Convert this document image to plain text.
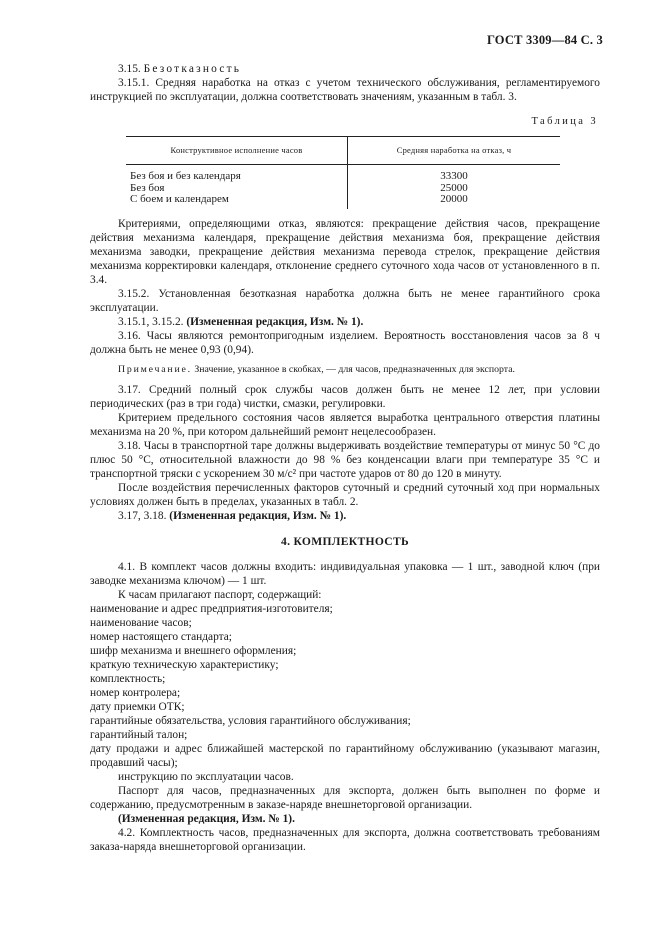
ГОСТ 3309—84 С. 3

3.15. Безотказность

3.15.1. Средняя наработка на отказ с учетом технического обслуживания, регламентируемого инструкцией по эксплуатации, должна соответствовать значениям, указанным в табл. 3.

Таблица 3
Конструктивное исполнение часов	Средняя наработка на отказ, ч
Без боя и без календаря	33300
Без боя	25000
С боем и календарем	20000

Критериями, определяющими отказ, являются: прекращение действия часов, прекращение действия механизма календаря, прекращение действия механизма боя, прекращение действия механизма заводки, прекращение действия механизма перевода стрелок, прекращение действия механизма корректировки календаря, отклонение среднего суточного хода часов от установленного в п. 3.4.

3.15.2. Установленная безотказная наработка должна быть не менее гарантийного срока эксплуатации.

3.15.1, 3.15.2. (Измененная редакция, Изм. № 1).

3.16. Часы являются ремонтопригодным изделием. Вероятность восстановления часов за 8 ч должна быть не менее 0,93 (0,94).

Примечание. Значение, указанное в скобках, — для часов, предназначенных для экспорта.

3.17. Средний полный срок службы часов должен быть не менее 12 лет, при условии периодических (раз в три года) чистки, смазки, регулировки.

Критерием предельного состояния часов является выработка центрального отверстия платины механизма на 20 %, при котором дальнейший ремонт нецелесообразен.

3.18. Часы в транспортной таре должны выдерживать воздействие температуры от минус 50 °С до плюс 50 °С, относительной влажности до 98 % без конденсации влаги при температуре 35 °С и транспортной тряски с ускорением 30 м/с² при частоте ударов от 80 до 120 в минуту.

После воздействия перечисленных факторов суточный и средний суточный ход при нормальных условиях должен быть в пределах, указанных в табл. 2.

3.17, 3.18. (Измененная редакция, Изм. № 1).

4. КОМПЛЕКТНОСТЬ

4.1. В комплект часов должны входить: индивидуальная упаковка — 1 шт., заводной ключ (при заводке механизма ключом) — 1 шт.

К часам прилагают паспорт, содержащий:

наименование и адрес предприятия-изготовителя;

наименование часов;

номер настоящего стандарта;

шифр механизма и внешнего оформления;

краткую техническую характеристику;

комплектность;

номер контролера;

дату приемки ОТК;

гарантийные обязательства, условия гарантийного обслуживания;

гарантийный талон;

дату продажи и адрес ближайшей мастерской по гарантийному обслуживанию (указывают магазин, продавший часы);

инструкцию по эксплуатации часов.

Паспорт для часов, предназначенных для экспорта, должен быть выполнен по форме и содержанию, предусмотренным в заказе-наряде внешнеторговой организации.

(Измененная редакция, Изм. № 1).

4.2. Комплектность часов, предназначенных для экспорта, должна соответствовать требованиям заказа-наряда внешнеторговой организации.
